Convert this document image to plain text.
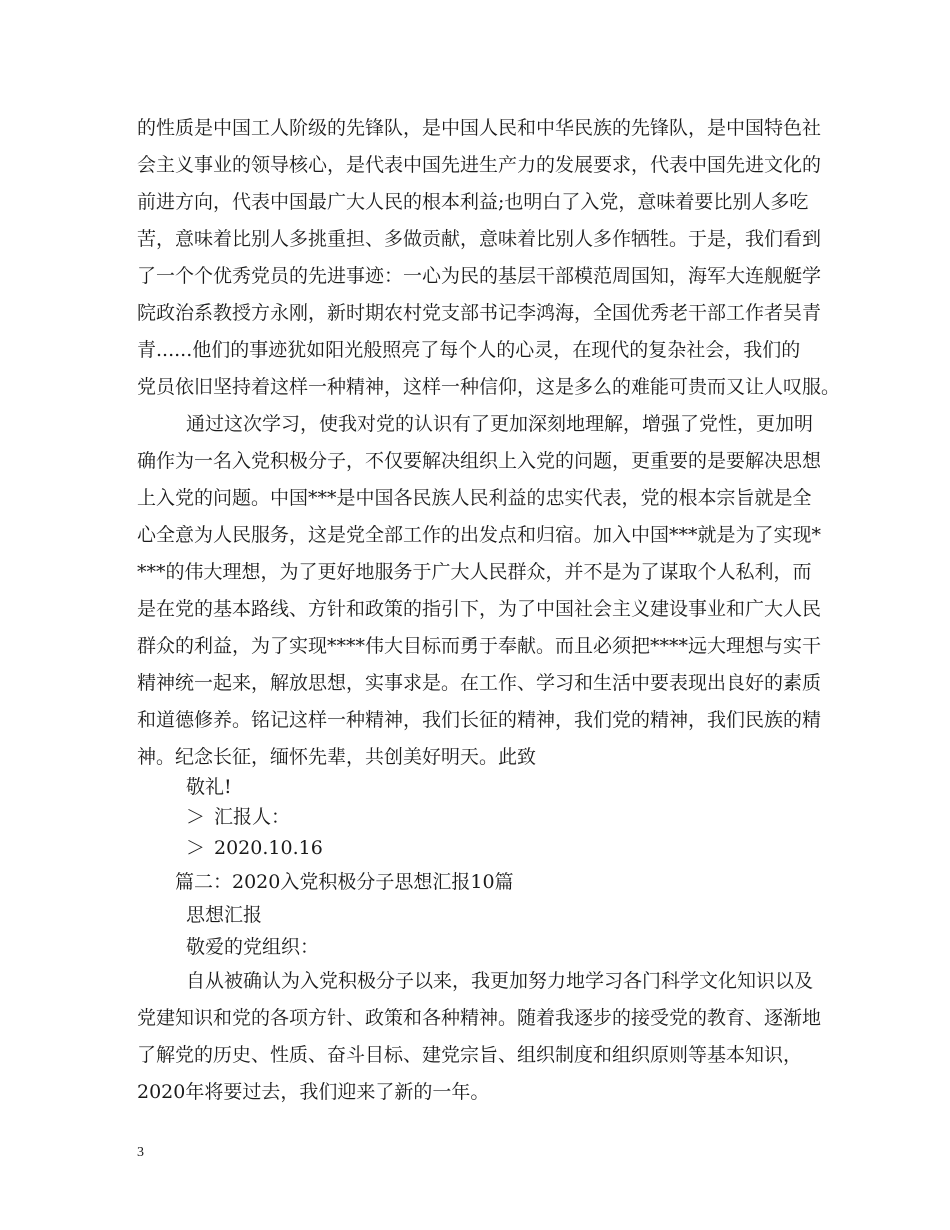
的性质是中国工人阶级的先锋队，是中国人民和中华民族的先锋队，是中国特色社
会主义事业的领导核心，是代表中国先进生产力的发展要求，代表中国先进文化的
前进方向，代表中国最广大人民的根本利益;也明白了入党，意味着要比别人多吃
苦，意味着比别人多挑重担、多做贡献，意味着比别人多作牺牲。于是，我们看到
了一个个优秀党员的先进事迹：一心为民的基层干部模范周国知，海军大连舰艇学
院政治系教授方永刚，新时期农村党支部书记李鸿海，全国优秀老干部工作者吴青
青......他们的事迹犹如阳光般照亮了每个人的心灵，在现代的复杂社会，我们的
党员依旧坚持着这样一种精神，这样一种信仰，这是多么的难能可贵而又让人叹服。
通过这次学习，使我对党的认识有了更加深刻地理解，增强了党性，更加明
确作为一名入党积极分子，不仅要解决组织上入党的问题，更重要的是要解决思想
上入党的问题。中国***是中国各民族人民利益的忠实代表，党的根本宗旨就是全
心全意为人民服务，这是党全部工作的出发点和归宿。加入中国***就是为了实现*
***的伟大理想，为了更好地服务于广大人民群众，并不是为了谋取个人私利，而
是在党的基本路线、方针和政策的指引下，为了中国社会主义建设事业和广大人民
群众的利益，为了实现****伟大目标而勇于奉献。而且必须把****远大理想与实干
精神统一起来，解放思想，实事求是。在工作、学习和生活中要表现出良好的素质
和道德修养。铭记这样一种精神，我们长征的精神，我们党的精神，我们民族的精
神。纪念长征，缅怀先辈，共创美好明天。此致
敬礼!
＞ 汇报人：
＞ 2020.10.16
篇二：2020入党积极分子思想汇报10篇
思想汇报
敬爱的党组织：
自从被确认为入党积极分子以来，我更加努力地学习各门科学文化知识以及
党建知识和党的各项方针、政策和各种精神。随着我逐步的接受党的教育、逐渐地
了解党的历史、性质、奋斗目标、建党宗旨、组织制度和组织原则等基本知识，
2020年将要过去，我们迎来了新的一年。
3
